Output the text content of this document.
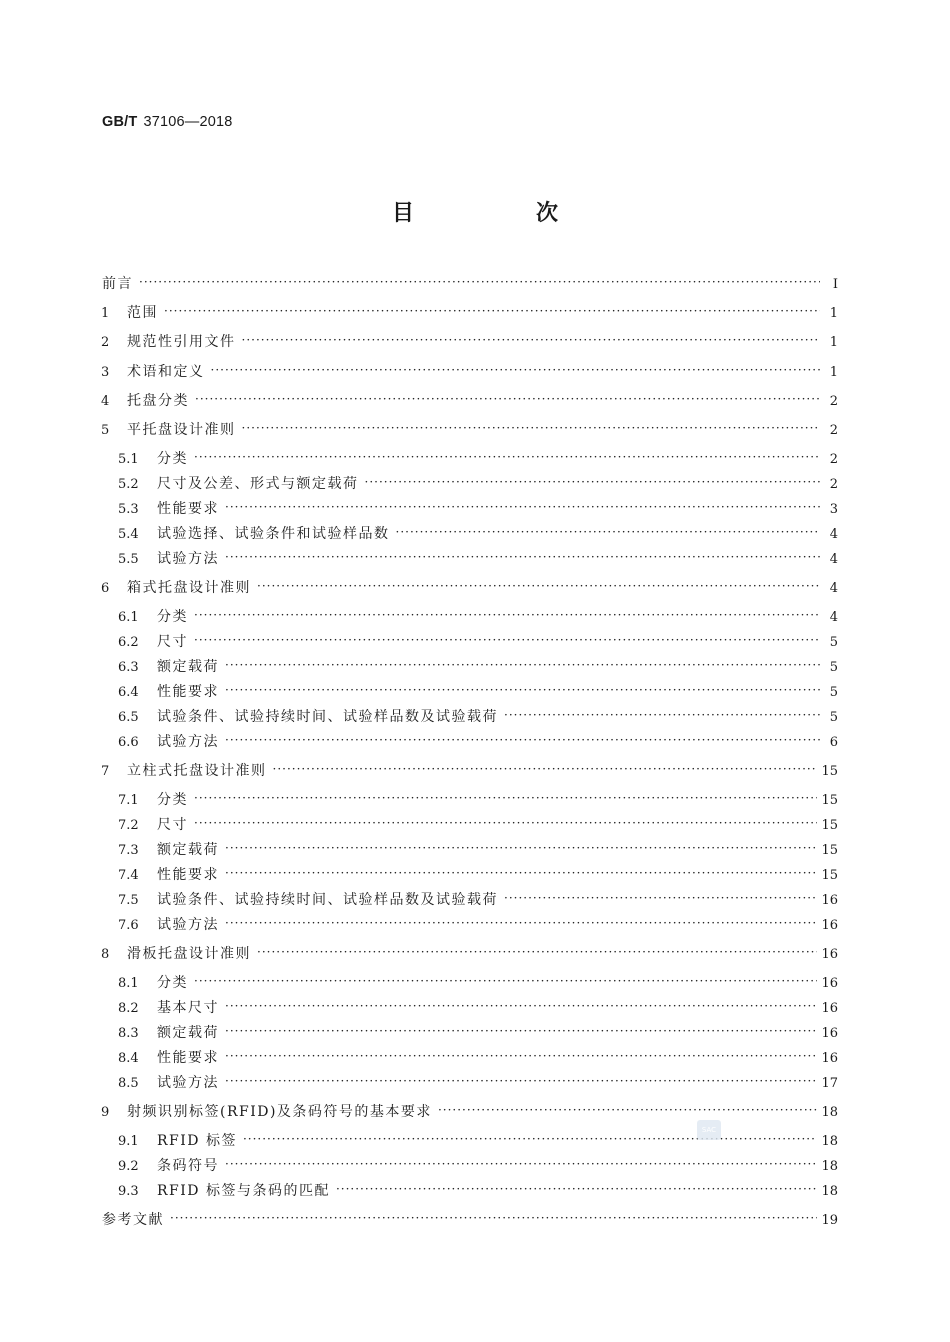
GB/T 37106—2018
目　次
前言 ·····	Ⅰ
1	范围 ·····	1
2	规范性引用文件 ·····	1
3	术语和定义 ·····	1
4	托盘分类 ·····	2
5	平托盘设计准则 ·····	2
5.1	分类 ·····	2
5.2	尺寸及公差、形式与额定载荷 ·····	2
5.3	性能要求 ·····	3
5.4	试验选择、试验条件和试验样品数 ·····	4
5.5	试验方法 ·····	4
6	箱式托盘设计准则 ·····	4
6.1	分类 ·····	4
6.2	尺寸 ·····	5
6.3	额定载荷 ·····	5
6.4	性能要求 ·····	5
6.5	试验条件、试验持续时间、试验样品数及试验载荷 ·····	5
6.6	试验方法 ·····	6
7	立柱式托盘设计准则 ·····	15
7.1	分类 ·····	15
7.2	尺寸 ·····	15
7.3	额定载荷 ·····	15
7.4	性能要求 ·····	15
7.5	试验条件、试验持续时间、试验样品数及试验载荷 ·····	16
7.6	试验方法 ·····	16
8	滑板托盘设计准则 ·····	16
8.1	分类 ·····	16
8.2	基本尺寸 ·····	16
8.3	额定载荷 ·····	16
8.4	性能要求 ·····	16
8.5	试验方法 ·····	17
9	射频识别标签(RFID)及条码符号的基本要求 ·····	18
9.1	RFID 标签 ·····	18
9.2	条码符号 ·····	18
9.3	RFID 标签与条码的匹配 ·····	18
参考文献 ·····	19
SAC
